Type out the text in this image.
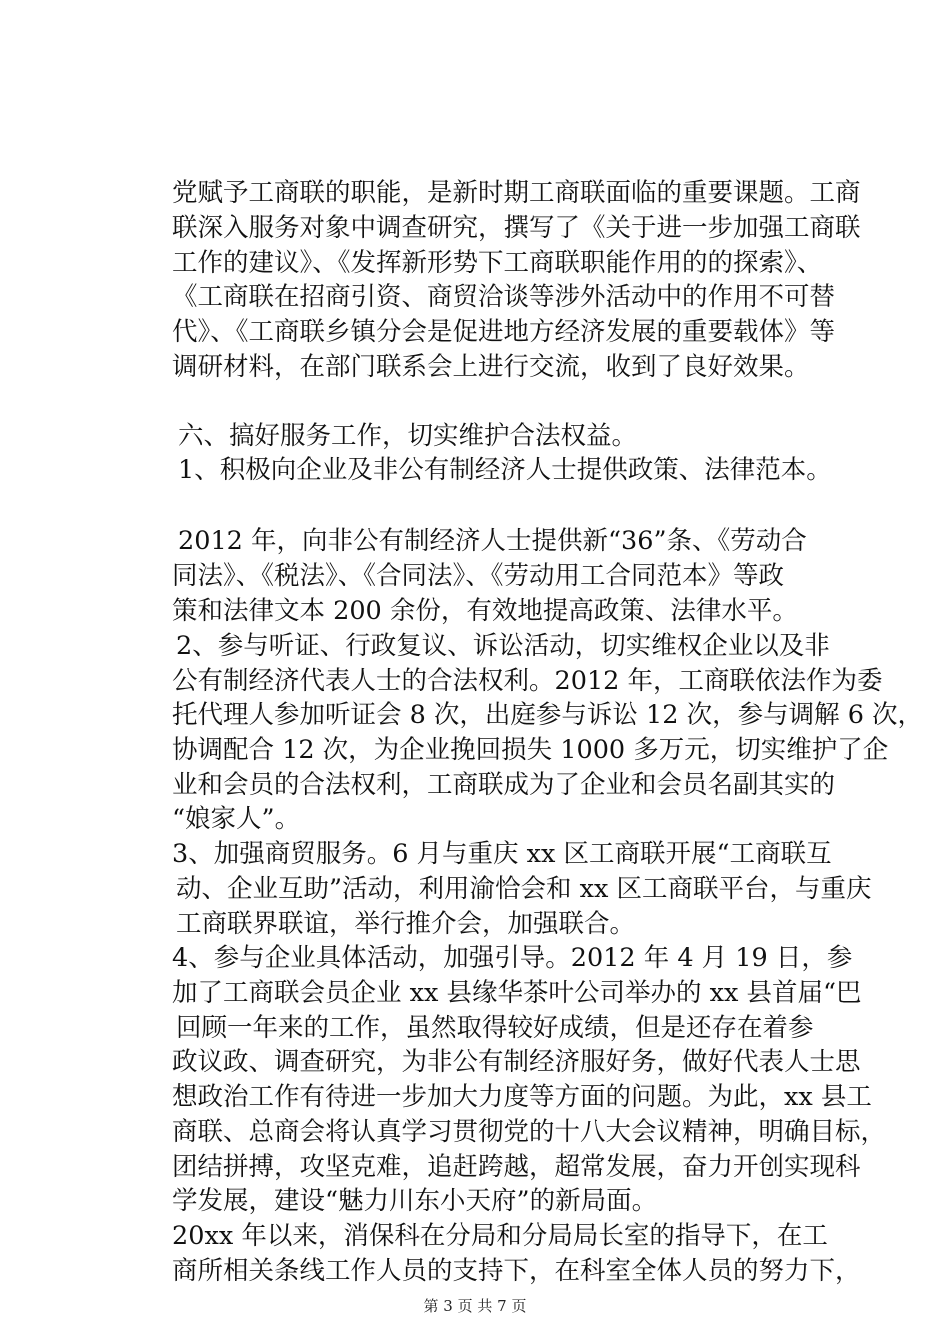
党赋予工商联的职能，是新时期工商联面临的重要课题。工商
联深入服务对象中调查研究，撰写了《关于进一步加强工商联
工作的建议》、《发挥新形势下工商联职能作用的的探索》、
《工商联在招商引资、商贸洽谈等涉外活动中的作用不可替
代》、《工商联乡镇分会是促进地方经济发展的重要载体》等
调研材料，在部门联系会上进行交流，收到了良好效果。
六、搞好服务工作，切实维护合法权益。
1、积极向企业及非公有制经济人士提供政策、法律范本。
2012 年，向非公有制经济人士提供新“36”条、《劳动合
同法》、《税法》、《合同法》、《劳动用工合同范本》等政
策和法律文本 200 余份，有效地提高政策、法律水平。
2、参与听证、行政复议、诉讼活动，切实维权企业以及非
公有制经济代表人士的合法权利。2012 年，工商联依法作为委
托代理人参加听证会 8 次，出庭参与诉讼 12 次，参与调解 6 次，
协调配合 12 次，为企业挽回损失 1000 多万元，切实维护了企
业和会员的合法权利，工商联成为了企业和会员名副其实的
“娘家人”。
3、加强商贸服务。6 月与重庆 xx 区工商联开展“工商联互
动、企业互助”活动，利用渝恰会和 xx 区工商联平台，与重庆
工商联界联谊，举行推介会，加强联合。
4、参与企业具体活动，加强引导。2012 年 4 月 19 日，参
加了工商联会员企业 xx 县缘华茶叶公司举办的 xx 县首届“巴
回顾一年来的工作，虽然取得较好成绩，但是还存在着参
政议政、调查研究，为非公有制经济服好务，做好代表人士思
想政治工作有待进一步加大力度等方面的问题。为此，xx 县工
商联、总商会将认真学习贯彻党的十八大会议精神，明确目标，
团结拼搏，攻坚克难，追赶跨越，超常发展，奋力开创实现科
学发展，建设“魅力川东小天府”的新局面。
20xx 年以来，消保科在分局和分局局长室的指导下，在工
商所相关条线工作人员的支持下，在科室全体人员的努力下，
第 3 页 共 7 页
